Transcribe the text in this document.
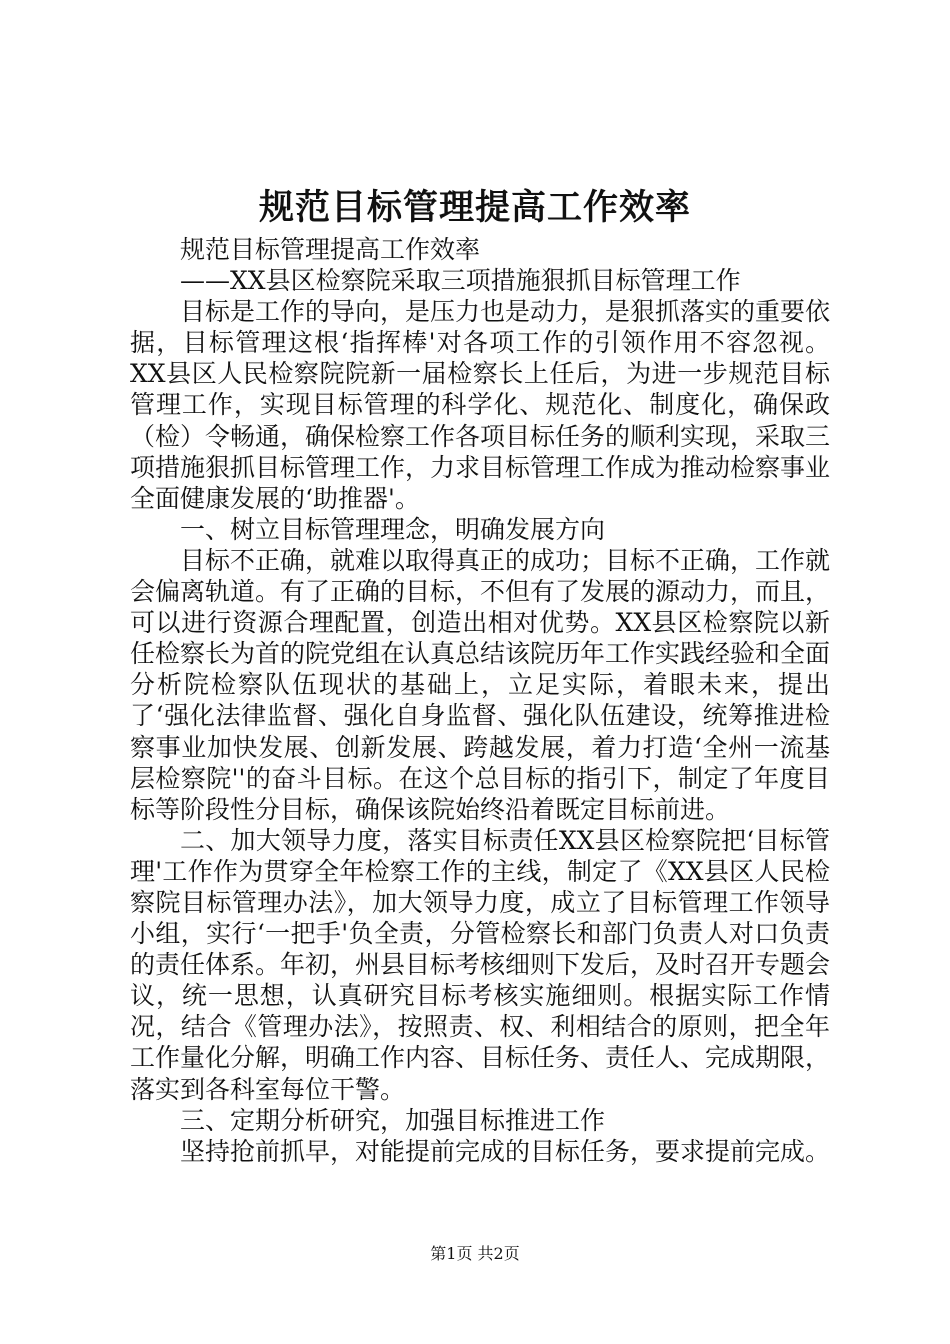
规范目标管理提高工作效率

规范目标管理提高工作效率

——XX县区检察院采取三项措施狠抓目标管理工作

目标是工作的导向，是压力也是动力，是狠抓落实的重要依据，目标管理这根‘指挥棒'对各项工作的引领作用不容忽视。XX县区人民检察院院新一届检察长上任后，为进一步规范目标管理工作，实现目标管理的科学化、规范化、制度化，确保政（检）令畅通，确保检察工作各项目标任务的顺利实现，采取三项措施狠抓目标管理工作，力求目标管理工作成为推动检察事业全面健康发展的‘助推器'。

一、树立目标管理理念，明确发展方向

目标不正确，就难以取得真正的成功；目标不正确，工作就会偏离轨道。有了正确的目标，不但有了发展的源动力，而且，可以进行资源合理配置，创造出相对优势。XX县区检察院以新任检察长为首的院党组在认真总结该院历年工作实践经验和全面分析院检察队伍现状的基础上，立足实际，着眼未来，提出了‘强化法律监督、强化自身监督、强化队伍建设，统筹推进检察事业加快发展、创新发展、跨越发展，着力打造‘全州一流基层检察院''的奋斗目标。在这个总目标的指引下，制定了年度目标等阶段性分目标，确保该院始终沿着既定目标前进。

二、加大领导力度，落实目标责任XX县区检察院把‘目标管理'工作作为贯穿全年检察工作的主线，制定了《XX县区人民检察院目标管理办法》，加大领导力度，成立了目标管理工作领导小组，实行‘一把手'负全责，分管检察长和部门负责人对口负责的责任体系。年初，州县目标考核细则下发后，及时召开专题会议，统一思想，认真研究目标考核实施细则。根据实际工作情况，结合《管理办法》，按照责、权、利相结合的原则，把全年工作量化分解，明确工作内容、目标任务、责任人、完成期限，落实到各科室每位干警。

三、定期分析研究，加强目标推进工作

坚持抢前抓早，对能提前完成的目标任务，要求提前完成。

第1页 共2页
